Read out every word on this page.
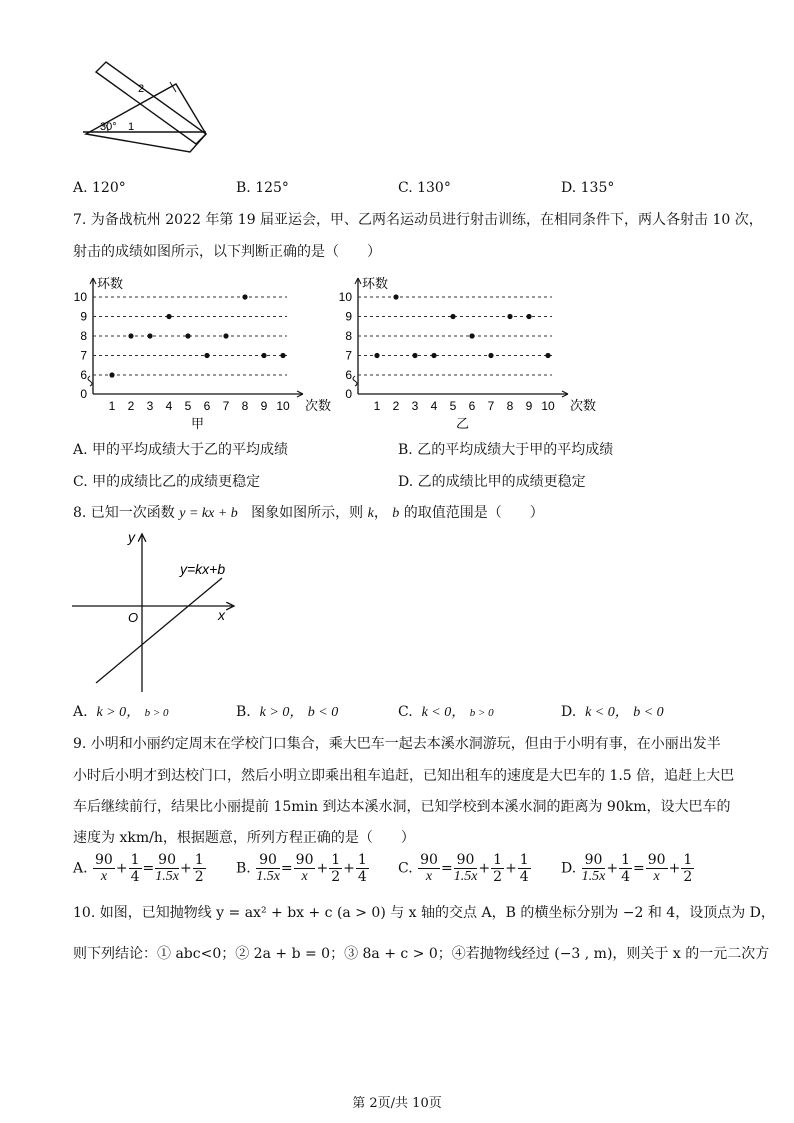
30° 1
2
A. 120°	B. 125°	C. 130°	D. 135°
7. 为备战杭州 2022 年第 19 届亚运会，甲、乙两名运动员进行射击训练，在相同条件下，两人各射击 10 次，
射击的成绩如图所示，以下判断正确的是（　　）
0
6
7
8
9
10
1 2 3 4 5 6 7 8 9 10
环数
次数
甲
0
6
7
8
9
10
1 2 3 4 5 6 7 8 9 10
环数
次数
乙
A. 甲的平均成绩大于乙的平均成绩	B. 乙的平均成绩大于甲的平均成绩
C. 甲的成绩比乙的成绩更稳定	D. 乙的成绩比甲的成绩更稳定
8. 已知一次函数 y = kx + b 图象如图所示，则 k， b 的取值范围是（　　）
y
x
O
y=kx+b
A. k > 0， b > 0	B. k > 0， b < 0	C. k < 0， b > 0	D. k < 0， b < 0
9. 小明和小丽约定周末在学校门口集合，乘大巴车一起去本溪水洞游玩，但由于小明有事，在小丽出发半
小时后小明才到达校门口，然后小明立即乘出租车追赶，已知出租车的速度是大巴车的 1.5 倍，追赶上大巴
车后继续前行，结果比小丽提前 15min 到达本溪水洞，已知学校到本溪水洞的距离为 90km，设大巴车的
速度为 xkm/h，根据题意，所列方程正确的是（　　）
A. $\frac{90}{x} + \frac{1}{4} = \frac{90}{1.5x} + \frac{1}{2} B$. $\frac{90}{1.5x} = \frac{90}{x} + \frac{1}{2} + \frac{1}{4} C$. $\frac{90}{x} = \frac{90}{1.5x} + \frac{1}{2} + \frac{1}{4} D$. $\frac{90}{1.5x} + \frac{1}{4} = \frac{90}{x} + \frac{1}{2}$
10. 如图，已知抛物线 y = ax² + bx + c (a > 0) 与 x 轴的交点 A，B 的横坐标分别为 −2 和 4，设顶点为 D，
则下列结论：① abc<0；② 2a + b = 0；③ 8a + c > 0；④若抛物线经过 (−3 , m)，则关于 x 的一元二次方
第 2页/共 10页
